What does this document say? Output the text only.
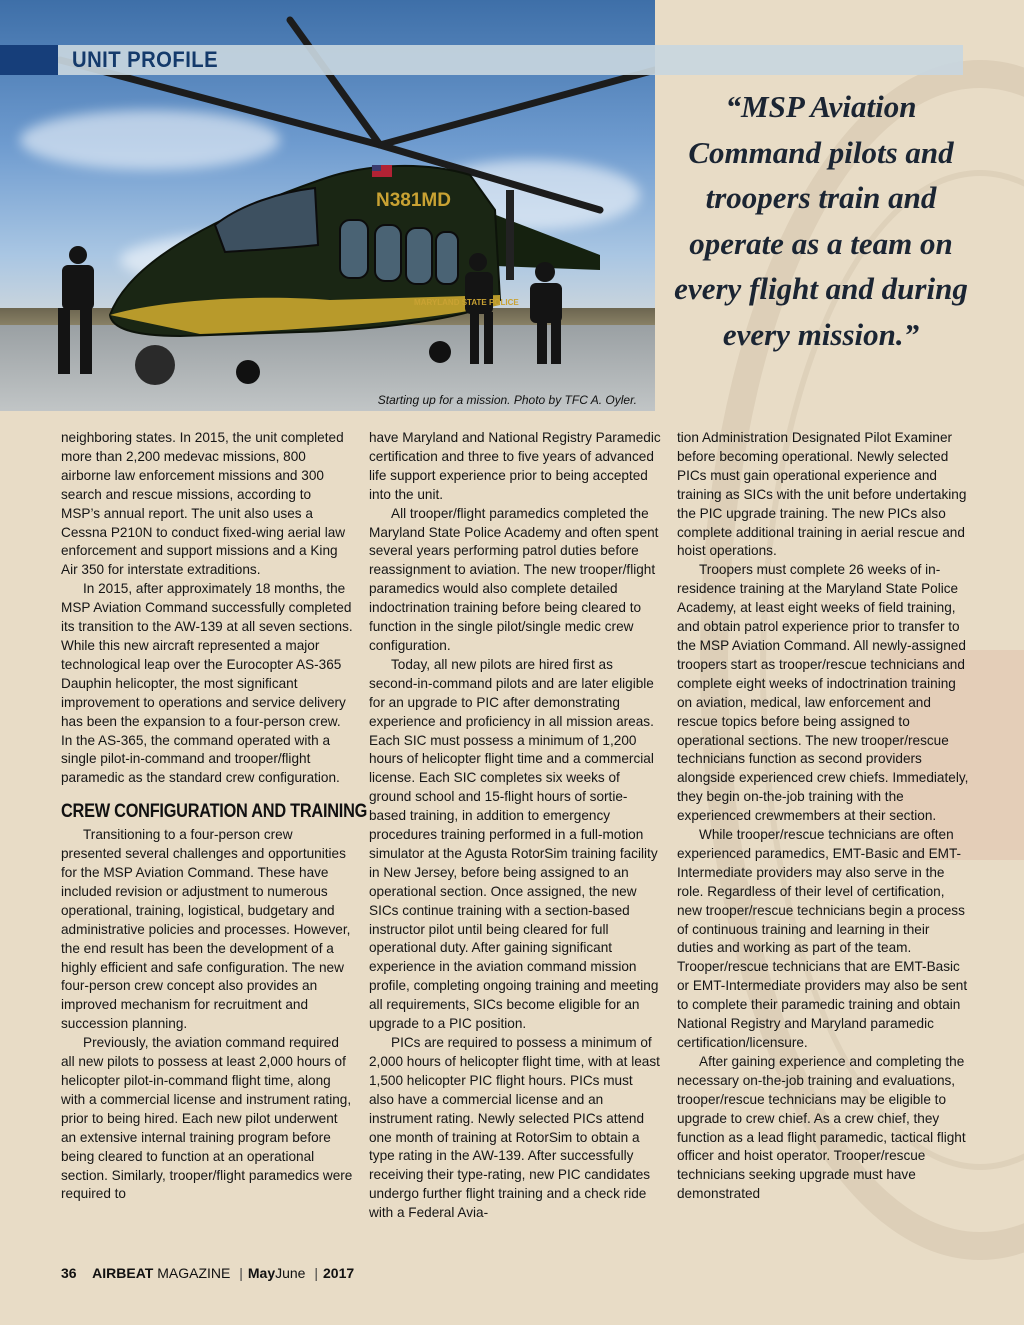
N381MD
MARYLAND STATE POLICE
Starting up for a mission. Photo by TFC A. Oyler.
UNIT PROFILE
“MSP Aviation Command pilots and troopers train and operate as a team on every flight and during every mission.”

neighboring states. In 2015, the unit completed more than 2,200 medevac missions, 800 airborne law enforcement missions and 300 search and rescue missions, according to MSP’s annual report. The unit also uses a Cessna P210N to conduct fixed-wing aerial law enforcement and support missions and a King Air 350 for interstate extraditions.

In 2015, after approximately 18 months, the MSP Aviation Command successfully completed its transition to the AW-139 at all seven sections. While this new aircraft represented a major technological leap over the Eurocopter AS-365 Dauphin helicopter, the most significant improvement to operations and service delivery has been the expansion to a four-person crew. In the AS-365, the command operated with a single pilot-in-command and trooper/flight paramedic as the standard crew configuration.

CREW CONFIGURATION AND TRAINING

Transitioning to a four-person crew presented several challenges and opportunities for the MSP Aviation Command. These have included revision or adjustment to numerous operational, training, logistical, budgetary and administrative policies and processes. However, the end result has been the development of a highly efficient and safe configuration. The new four-person crew concept also provides an improved mechanism for recruitment and succession planning.

Previously, the aviation command required all new pilots to possess at least 2,000 hours of helicopter pilot-in-command flight time, along with a commercial license and instrument rating, prior to being hired. Each new pilot underwent an extensive internal training program before being cleared to function at an operational section. Similarly, trooper/flight paramedics were required to

have Maryland and National Registry Paramedic certification and three to five years of advanced life support experience prior to being accepted into the unit.

All trooper/flight paramedics completed the Maryland State Police Academy and often spent several years performing patrol duties before reassignment to aviation. The new trooper/flight paramedics would also complete detailed indoctrination training before being cleared to function in the single pilot/single medic crew configuration.

Today, all new pilots are hired first as second-in-command pilots and are later eligible for an upgrade to PIC after demonstrating experience and proficiency in all mission areas. Each SIC must possess a minimum of 1,200 hours of helicopter flight time and a commercial license. Each SIC completes six weeks of ground school and 15-flight hours of sortie-based training, in addition to emergency procedures training performed in a full-motion simulator at the Agusta RotorSim training facility in New Jersey, before being assigned to an operational section. Once assigned, the new SICs continue training with a section-based instructor pilot until being cleared for full operational duty. After gaining significant experience in the aviation command mission profile, completing ongoing training and meeting all requirements, SICs become eligible for an upgrade to a PIC position.

PICs are required to possess a minimum of 2,000 hours of helicopter flight time, with at least 1,500 helicopter PIC flight hours. PICs must also have a commercial license and an instrument rating. Newly selected PICs attend one month of training at RotorSim to obtain a type rating in the AW-139. After successfully receiving their type-rating, new PIC candidates undergo further flight training and a check ride with a Federal Avia-

tion Administration Designated Pilot Examiner before becoming operational. Newly selected PICs must gain operational experience and training as SICs with the unit before undertaking the PIC upgrade training. The new PICs also complete additional training in aerial rescue and hoist operations.

Troopers must complete 26 weeks of in-residence training at the Maryland State Police Academy, at least eight weeks of field training, and obtain patrol experience prior to transfer to the MSP Aviation Command. All newly-assigned troopers start as trooper/rescue technicians and complete eight weeks of indoctrination training on aviation, medical, law enforcement and rescue topics before being assigned to operational sections. The new trooper/rescue technicians function as second providers alongside experienced crew chiefs. Immediately, they begin on-the-job training with the experienced crewmembers at their section.

While trooper/rescue technicians are often experienced paramedics, EMT-Basic and EMT-Intermediate providers may also serve in the role. Regardless of their level of certification, new trooper/rescue technicians begin a process of continuous training and learning in their duties and working as part of the team. Trooper/rescue technicians that are EMT-Basic or EMT-Intermediate providers may also be sent to complete their paramedic training and obtain National Registry and Maryland paramedic certification/licensure.

After gaining experience and completing the necessary on-the-job training and evaluations, trooper/rescue technicians may be eligible to upgrade to crew chief. As a crew chief, they function as a lead flight paramedic, tactical flight officer and hoist operator. Trooper/rescue technicians seeking upgrade must have demonstrated

36 AIRBEAT MAGAZINE | MayJune | 2017
